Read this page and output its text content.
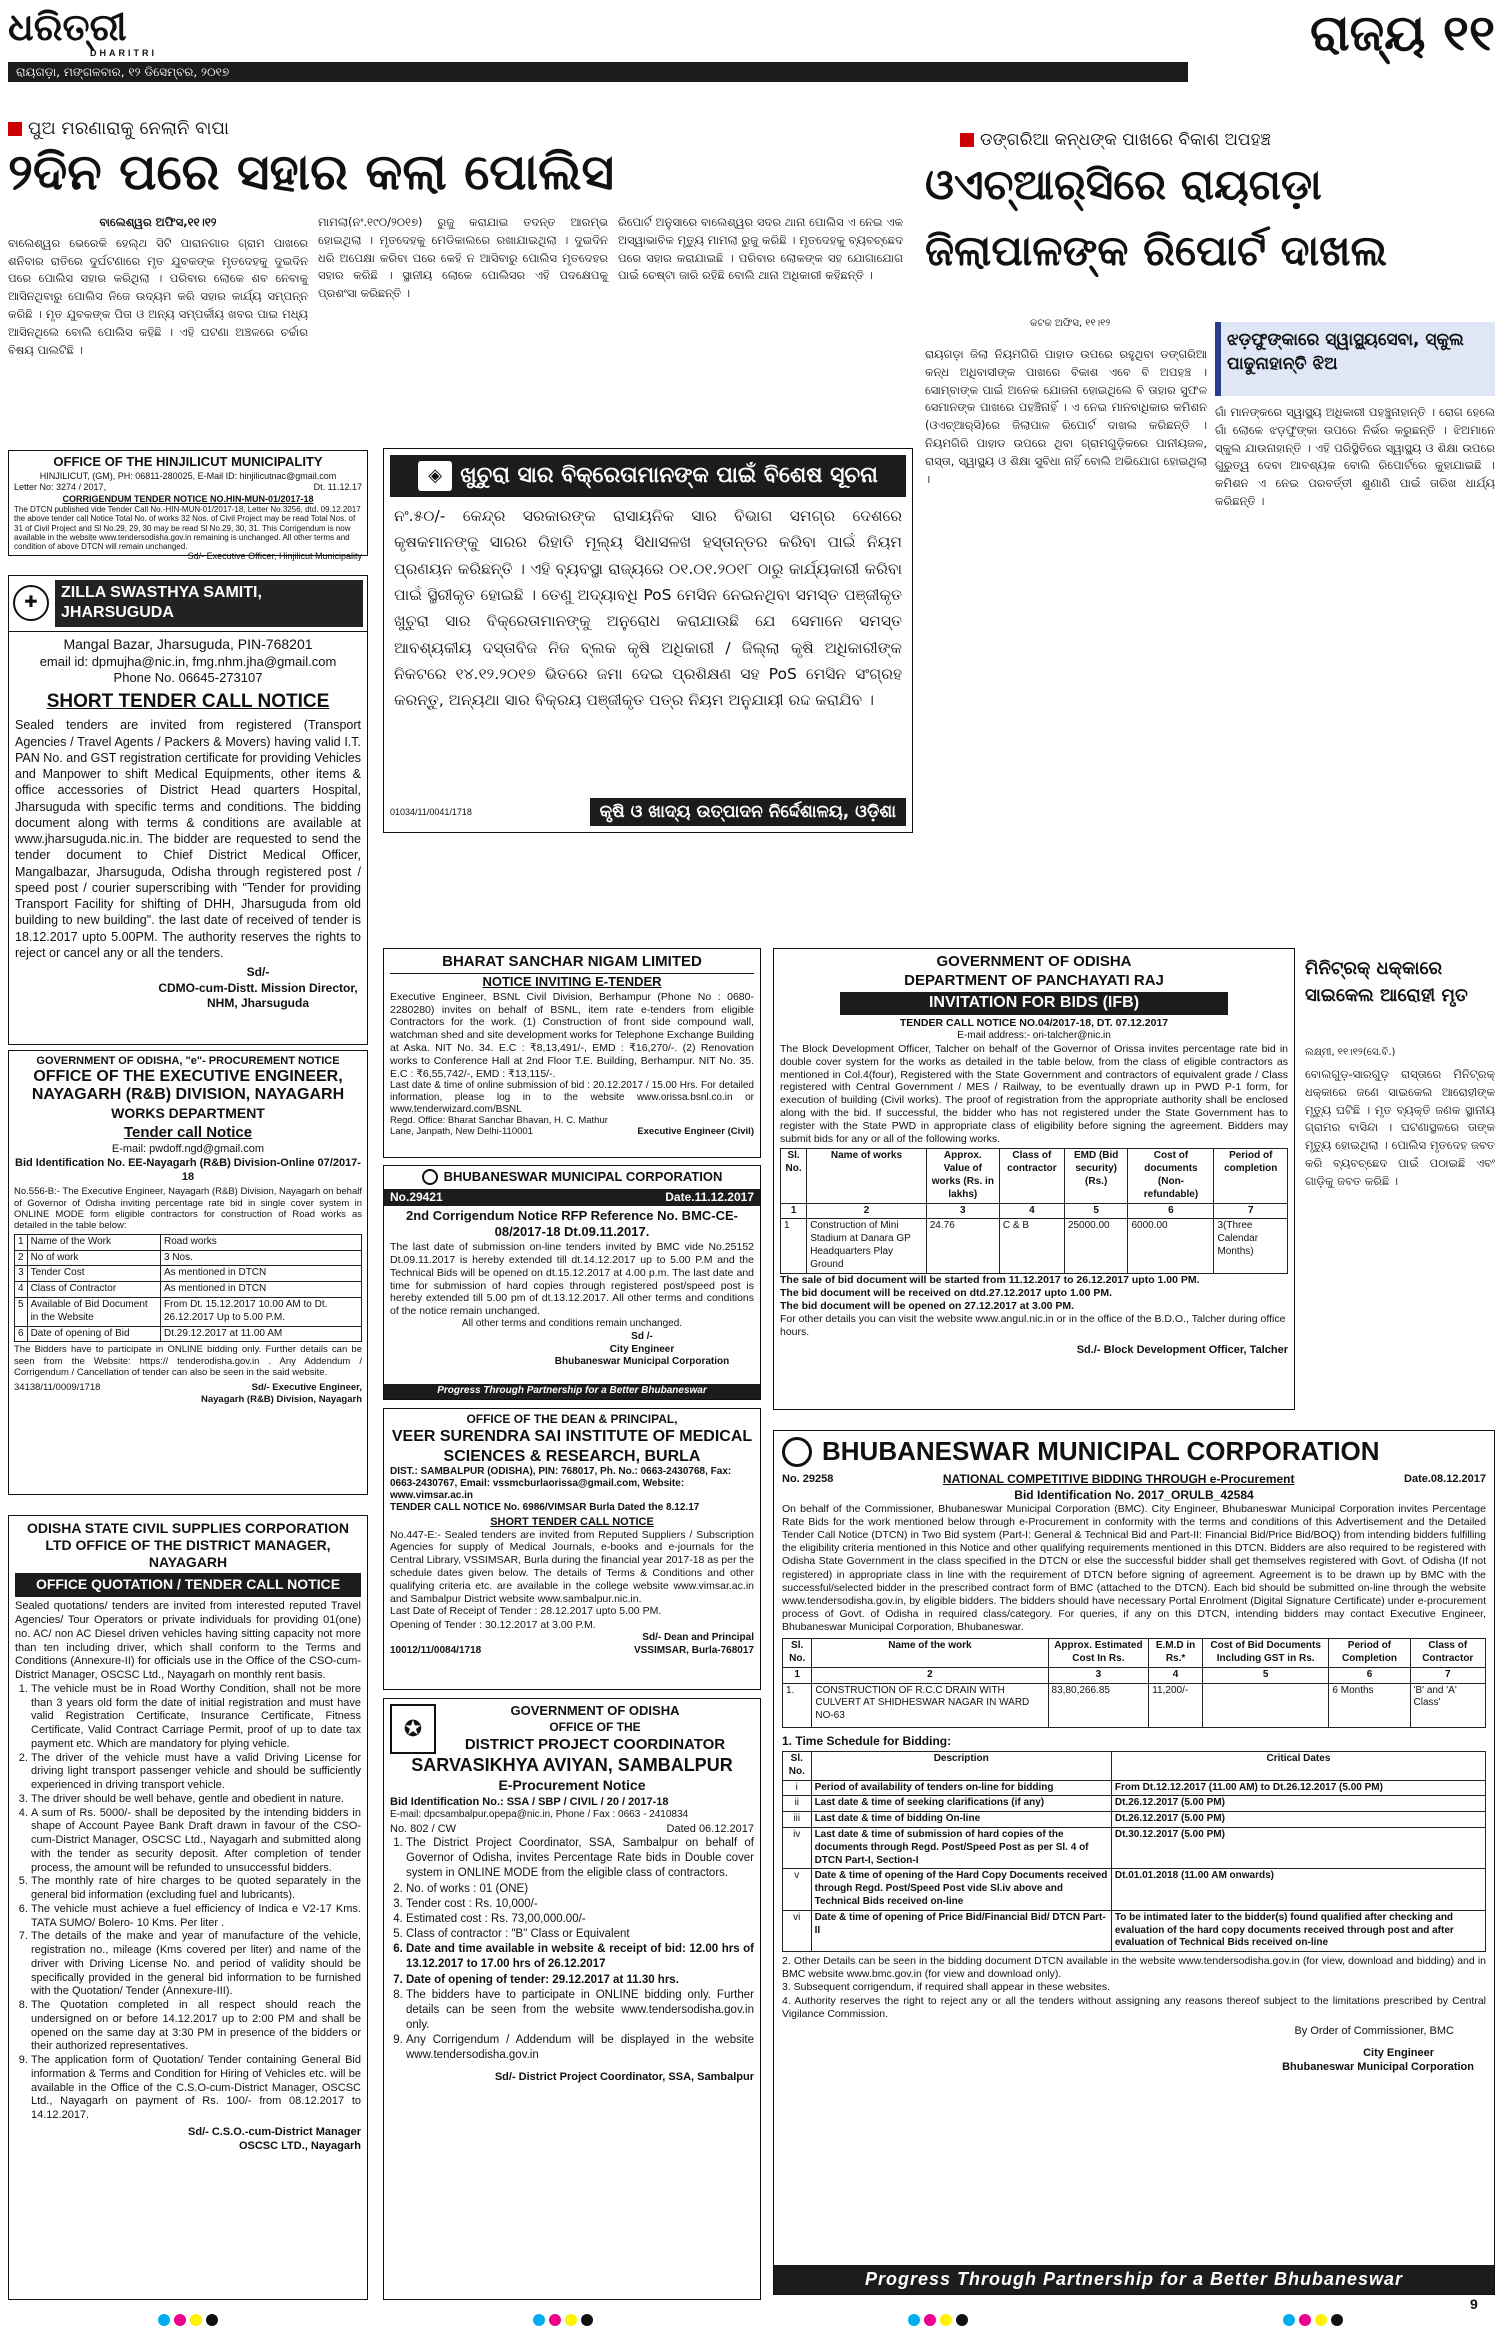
ଧରିତ୍ରୀ
DHARITRI	ରାଜ୍ୟ ୧୧
ରାୟଗଡ଼ା, ମଙ୍ଗଳବାର, ୧୨ ଡିସେମ୍ବର, ୨୦୧୭
ପୁଅ ମରଣାରାକୁ ନେଲାନି ବାପା
୨ଦିନ ପରେ ସହାର କଲା ପୋଲିସ
ବାଲେଶ୍ୱର ଅଫିସ,୧୧।୧୨
ବାଲେଶ୍ୱର ଭେରେକି ହେଲ୍ଥ ସିଟି ପାରାନଗାର ଗ୍ରାମ ପାଖରେ ଶନିବାର ରାତିରେ ଦୁର୍ଘଟଣାରେ ମୃତ ଯୁବକଙ୍କ ମୃତଦେହକୁ ଦୁଇଦିନ ପରେ ପୋଲିସ ସହାର କରିଥିଲା । ପରିବାର ଲୋକେ ଶବ ନେବାକୁ ଆସିନଥିବାରୁ ପୋଲିସ ନିଜେ ଉଦ୍ୟମ କରି ସହାର କାର୍ଯ୍ୟ ସମ୍ପନ୍ନ କରିଛି । ମୃତ ଯୁବକଙ୍କ ପିତା ଓ ଅନ୍ୟ ସମ୍ପର୍କୀୟ ଖବର ପାଇ ମଧ୍ୟ ଆସିନଥିଲେ ବୋଲି ପୋଲିସ କହିଛି । ଏହି ଘଟଣା ଅଞ୍ଚଳରେ ଚର୍ଚ୍ଚାର ବିଷୟ ପାଲଟିଛି ।
ମାମଲା(ନଂ.୧୯୦/୨୦୧୭) ରୁଜୁ କରାଯାଇ ତଦନ୍ତ ଆରମ୍ଭ ହୋଇଥିଲା । ମୃତଦେହକୁ ମେଡିକାଲରେ ରଖାଯାଇଥିଲା । ଦୁଇଦିନ ଧରି ଅପେକ୍ଷା କରିବା ପରେ କେହି ନ ଆସିବାରୁ ପୋଲିସ ମୃତଦେହର ସହାର କରିଛି । ସ୍ଥାନୀୟ ଲୋକେ ପୋଲିସର ଏହି ପଦକ୍ଷେପକୁ ପ୍ରଶଂସା କରିଛନ୍ତି ।
ରିପୋର୍ଟ ଅନୁସାରେ ବାଲେଶ୍ୱର ସଦର ଥାନା ପୋଲିସ ଏ ନେଇ ଏକ ଅସ୍ୱାଭାବିକ ମୃତ୍ୟୁ ମାମଲା ରୁଜୁ କରିଛି । ମୃତଦେହକୁ ବ୍ୟବଚ୍ଛେଦ ପରେ ସହାର କରାଯାଇଛି । ପରିବାର ଲୋକଙ୍କ ସହ ଯୋଗାଯୋଗ ପାଇଁ ଚେଷ୍ଟା ଜାରି ରହିଛି ବୋଲି ଥାନା ଅଧିକାରୀ କହିଛନ୍ତି ।
ଡଙ୍ଗରିଆ କନ୍ଧଙ୍କ ପାଖରେ ବିକାଶ ଅପହଞ୍ଚ
ଓଏଚ୍‌ଆର୍‌ସିରେ ରାୟଗଡ଼ା
ଜିଲାପାଳଙ୍କ ରିପୋର୍ଟ ଦାଖଲ
କଟକ ଅଫିସ, ୧୧।୧୨
ରାୟଗଡ଼ା ଜିଲା ନିୟମଗିରି ପାହାଡ ଉପରେ ରହୁଥିବା ଡଙ୍ଗରିଆ କନ୍ଧ ଅଧିବାସୀଙ୍କ ପାଖରେ ବିକାଶ ଏବେ ବି ଅପହଞ୍ଚ । ସୋମ୍ବାଙ୍କ ପାଇଁ ଅନେକ ଯୋଜନା ହୋଇଥିଲେ ବି ତାହାର ସୁଫଳ ସେମାନଙ୍କ ପାଖରେ ପହଞ୍ଚିନାହିଁ । ଏ ନେଇ ମାନବାଧିକାର କମିଶନ (ଓଏଚ୍‌ଆର୍‌ସି)ରେ ଜିଲାପାଳ ରିପୋର୍ଟ ଦାଖଲ କରିଛନ୍ତି । ନିୟମଗିରି ପାହାଡ ଉପରେ ଥିବା ଗ୍ରାମଗୁଡ଼ିକରେ ପାନୀୟଜଳ, ରାସ୍ତା, ସ୍ୱାସ୍ଥ୍ୟ ଓ ଶିକ୍ଷା ସୁବିଧା ନାହିଁ ବୋଲି ଅଭିଯୋଗ ହୋଇଥିଲା ।
ଝଡ଼ଫୁଙ୍କାରେ ସ୍ୱାସ୍ଥ୍ୟସେବା, ସ୍କୁଲ ପାଢୁନାହାନ୍ତି ଝିଅ
ଗାଁ ମାନଙ୍କରେ ସ୍ୱାସ୍ଥ୍ୟ ଅଧିକାରୀ ପହଞ୍ଚୁନାହାନ୍ତି । ରୋଗ ହେଲେ ଗାଁ ଲୋକେ ଝଡ଼ଫୁଙ୍କା ଉପରେ ନିର୍ଭର କରୁଛନ୍ତି । ଝିଅମାନେ ସ୍କୁଲ ଯାଉନାହାନ୍ତି । ଏହି ପରିସ୍ଥିତିରେ ସ୍ୱାସ୍ଥ୍ୟ ଓ ଶିକ୍ଷା ଉପରେ ଗୁରୁତ୍ୱ ଦେବା ଆବଶ୍ୟକ ବୋଲି ରିପୋର୍ଟରେ କୁହାଯାଇଛି । କମିଶନ ଏ ନେଇ ପରବର୍ତ୍ତୀ ଶୁଣାଣି ପାଇଁ ତାରିଖ ଧାର୍ଯ୍ୟ କରିଛନ୍ତି ।
ମିନିଟ୍ରକ୍ ଧକ୍କାରେ ସାଇକେଲ ଆରୋହୀ ମୃତ
ଲକ୍ଷ୍ମୀ, ୧୧।୧୨(ସେ.ବି.)
ବୋଲଗୁଡ଼-ସାରଗୁଡ଼ ରାସ୍ତାରେ ମିନିଟ୍ରକ୍ ଧକ୍କାରେ ଜଣେ ସାଇକେଲ ଆରୋହୀଙ୍କ ମୃତ୍ୟୁ ଘଟିଛି । ମୃତ ବ୍ୟକ୍ତି ଜଣକ ସ୍ଥାନୀୟ ଗ୍ରାମର ବାସିନ୍ଦା । ଘଟଣାସ୍ଥଳରେ ତାଙ୍କ ମୃତ୍ୟୁ ହୋଇଥିଲା । ପୋଲିସ ମୃତଦେହ ଜବତ କରି ବ୍ୟବଚ୍ଛେଦ ପାଇଁ ପଠାଇଛି ଏବଂ ଗାଡ଼ିକୁ ଜବତ କରିଛି ।
OFFICE OF THE HINJILICUT MUNICIPALITY
HINJILICUT, (GM), PH: 06811-280025, E-Mail ID: hinjilicutnac@gmail.com
Letter No: 3274 / 2017,	Dt. 11.12.17
CORRIGENDUM TENDER NOTICE NO.HIN-MUN-01/2017-18
The DTCN published vide Tender Call No.-HIN-MUN-01/2017-18, Letter No.3256, dtd. 09.12.2017 the above tender call Notice Total No. of works 32 Nos. of Civil Project may be read Total Nos. of 31 of Civil Project and Sl No.29, 29, 30 may be read Sl No.29, 30, 31. This Corrigendum is now available in the website www.tendersodisha.gov.in remaining is unchanged. All other terms and condition of above DTCN will remain unchanged.
Sd/- Executive Officer, Hinjilicut Municipality
✚
ZILLA SWASTHYA SAMITI, JHARSUGUDA
Mangal Bazar, Jharsuguda, PIN-768201
email id: dpmujha@nic.in, fmg.nhm.jha@gmail.com
Phone No. 06645-273107
SHORT TENDER CALL NOTICE
Sealed tenders are invited from registered (Transport Agencies / Travel Agents / Packers & Movers) having valid I.T. PAN No. and GST registration certificate for providing Vehicles and Manpower to shift Medical Equipments, other items & office accessories of District Head quarters Hospital, Jharsuguda with specific terms and conditions. The bidding document along with terms & conditions are available at www.jharsuguda.nic.in. The bidder are requested to send the tender document to Chief District Medical Officer, Mangalbazar, Jharsuguda, Odisha through registered post / speed post / courier superscribing with "Tender for providing Transport Facility for shifting of DHH, Jharsuguda from old building to new building". the last date of received of tender is 18.12.2017 upto 5.00PM. The authority reserves the rights to reject or cancel any or all the tenders.
Sd/-
CDMO-cum-Distt. Mission Director,
NHM, Jharsuguda
GOVERNMENT OF ODISHA, "e"- PROCUREMENT NOTICE
OFFICE OF THE EXECUTIVE ENGINEER, NAYAGARH (R&B) DIVISION, NAYAGARH
WORKS DEPARTMENT
Tender call Notice
E-mail: pwdoff.ngd@gmail.com
Bid Identification No. EE-Nayagarh (R&B) Division-Online 07/2017-18
No.556-B:- The Executive Engineer, Nayagarh (R&B) Division, Nayagarh on behalf of Governor of Odisha inviting percentage rate bid in single cover system in ONLINE MODE form eligible contractors for construction of Road works as detailed in the table below:
1	Name of the Work	Road works
2	No of work	3 Nos.
3	Tender Cost	As mentioned in DTCN
4	Class of Contractor	As mentioned in DTCN
5	Available of Bid Document in the Website	From Dt. 15.12.2017 10.00 AM to Dt. 26.12.2017 Up to 5.00 P.M.
6	Date of opening of Bid	Dt.29.12.2017 at 11.00 AM
The Bidders have to participate in ONLINE bidding only. Further details can be seen from the Website: https:// tenderodisha.gov.in . Any Addendum / Corrigendum / Cancellation of tender can also be seen in the said website.
34138/11/0009/1718	Sd/- Executive Engineer,
Nayagarh (R&B) Division, Nayagarh
ODISHA STATE CIVIL SUPPLIES CORPORATION LTD OFFICE OF THE DISTRICT MANAGER, NAYAGARH
OFFICE QUOTATION / TENDER CALL NOTICE
Sealed quotations/ tenders are invited from interested reputed Travel Agencies/ Tour Operators or private individuals for providing 01(one) no. AC/ non AC Diesel driven vehicles having sitting capacity not more than ten including driver, which shall conform to the Terms and Conditions (Annexure-II) for officials use in the Office of the CSO-cum-District Manager, OSCSC Ltd., Nayagarh on monthly rent basis.
1. The vehicle must be in Road Worthy Condition, shall not be more than 3 years old form the date of initial registration and must have valid Registration Certificate, Insurance Certificate, Fitness Certificate, Valid Contract Carriage Permit, proof of up to date tax payment etc. Which are mandatory for plying vehicle.
2. The driver of the vehicle must have a valid Driving License for driving light transport passenger vehicle and should be sufficiently experienced in driving transport vehicle.
3. The driver should be well behave, gentle and obedient in nature.
4. A sum of Rs. 5000/- shall be deposited by the intending bidders in shape of Account Payee Bank Draft drawn in favour of the CSO-cum-District Manager, OSCSC Ltd., Nayagarh and submitted along with the tender as security deposit. After completion of tender process, the amount will be refunded to unsuccessful bidders.
5. The monthly rate of hire charges to be quoted separately in the general bid information (excluding fuel and lubricants).
6. The vehicle must achieve a fuel efficiency of Indica e V2-17 Kms. TATA SUMO/ Bolero- 10 Kms. Per liter .
7. The details of the make and year of manufacture of the vehicle, registration no., mileage (Kms covered per liter) and name of the driver with Driving License No. and period of validity should be specifically provided in the general bid information to be furnished with the Quotation/ Tender (Annexure-III).
8. The Quotation completed in all respect should reach the undersigned on or before 14.12.2017 up to 2:00 PM and shall be opened on the same day at 3:30 PM in presence of the bidders or their authorized representatives.
9. The application form of Quotation/ Tender containing General Bid information & Terms and Condition for Hiring of Vehicles etc. will be available in the Office of the C.S.O-cum-District Manager, OSCSC Ltd., Nayagarh on payment of Rs. 100/- from 08.12.2017 to 14.12.2017.
Sd/- C.S.O.-cum-District Manager
OSCSC LTD., Nayagarh
◈ ଖୁଚୁରା ସାର ବିକ୍ରେତାମାନଙ୍କ ପାଇଁ ବିଶେଷ ସୂଚନା
ନଂ.୫୦/- କେନ୍ଦ୍ର ସରକାରଙ୍କ ରାସାୟନିକ ସାର ବିଭାଗ ସମଗ୍ର ଦେଶରେ କୃଷକମାନଙ୍କୁ ସାରର ରିହାତି ମୂଲ୍ୟ ସିଧାସଳଖ ହସ୍ତାନ୍ତର କରିବା ପାଇଁ ନିୟମ ପ୍ରଣୟନ କରିଛନ୍ତି । ଏହି ବ୍ୟବସ୍ଥା ରାଜ୍ୟରେ ୦୧.୦୧.୨୦୧୮ ଠାରୁ କାର୍ଯ୍ୟକାରୀ କରିବା ପାଇଁ ସ୍ଥିରୀକୃତ ହୋଇଛି । ତେଣୁ ଅଦ୍ୟାବଧି PoS ମେସିନ ନେଇନଥିବା ସମସ୍ତ ପଞ୍ଜୀକୃତ ଖୁଚୁରା ସାର ବିକ୍ରେତାମାନଙ୍କୁ ଅନୁରୋଧ କରାଯାଉଛି ଯେ ସେମାନେ ସମସ୍ତ ଆବଶ୍ୟକୀୟ ଦସ୍ତାବିଜ ନିଜ ବ୍ଲକ କୃଷି ଅଧିକାରୀ / ଜିଲ୍ଲା କୃଷି ଅଧିକାରୀଙ୍କ ନିକଟରେ ୧୪.୧୨.୨୦୧୭ ଭିତରେ ଜମା ଦେଇ ପ୍ରଶିକ୍ଷଣ ସହ PoS ମେସିନ ସଂଗ୍ରହ କରନ୍ତୁ, ଅନ୍ୟଥା ସାର ବିକ୍ରୟ ପଞ୍ଜୀକୃତ ପତ୍ର ନିୟମ ଅନୁଯାୟୀ ରଦ୍ଦ କରାଯିବ ।
01034/11/0041/1718	କୃଷି ଓ ଖାଦ୍ୟ ଉତ୍ପାଦନ ନିର୍ଦ୍ଦେଶାଳୟ, ଓଡ଼ିଶା
BHARAT SANCHAR NIGAM LIMITED
NOTICE INVITING E-TENDER
Executive Engineer, BSNL Civil Division, Berhampur (Phone No : 0680-2280280) invites on behalf of BSNL, item rate e-tenders from eligible Contractors for the work. (1) Construction of front side compound wall, watchman shed and site development works for Telephone Exchange Building at Aska. NIT No. 34. E.C : ₹8,13,491/-, EMD : ₹16,270/-. (2) Renovation works to Conference Hall at 2nd Floor T.E. Building, Berhampur. NIT No. 35. E.C : ₹6,55,742/-, EMD : ₹13,115/-.
Last date & time of online submission of bid : 20.12.2017 / 15.00 Hrs. For detailed information, please log in to the website www.orissa.bsnl.co.in or www.tenderwizard.com/BSNL
Regd. Office: Bharat Sanchar Bhavan, H. C. Mathur Lane, Janpath, New Delhi-110001	Executive Engineer (Civil)
BHUBANESWAR MUNICIPAL CORPORATION
No.29421	Date.11.12.2017
2nd Corrigendum Notice RFP Reference No. BMC-CE-08/2017-18 Dt.09.11.2017.
The last date of submission on-line tenders invited by BMC vide No.25152 Dt.09.11.2017 is hereby extended till dt.14.12.2017 up to 5.00 P.M and the Technical Bids will be opened on dt.15.12.2017 at 4.00 p.m. The last date and time for submission of hard copies through registered post/speed post is hereby extended till 5.00 pm of dt.13.12.2017. All other terms and conditions of the notice remain unchanged.
All other terms and conditions remain unchanged.
Sd /-
City Engineer
Bhubaneswar Municipal Corporation
Progress Through Partnership for a Better Bhubaneswar
OFFICE OF THE DEAN & PRINCIPAL,
VEER SURENDRA SAI INSTITUTE OF MEDICAL SCIENCES & RESEARCH, BURLA
DIST.: SAMBALPUR (ODISHA), PIN: 768017, Ph. No.: 0663-2430768, Fax: 0663-2430767, Email: vssmcburlaorissa@gmail.com, Website: www.vimsar.ac.in
TENDER CALL NOTICE No. 6986/VIMSAR Burla Dated the 8.12.17
SHORT TENDER CALL NOTICE
No.447-E:- Sealed tenders are invited from Reputed Suppliers / Subscription Agencies for supply of Medical Journals, e-books and e-journals for the Central Library, VSSIMSAR, Burla during the financial year 2017-18 as per the schedule dates given below. The details of Terms & Conditions and other qualifying criteria etc. are available in the college website www.vimsar.ac.in and Sambalpur District website www.sambalpur.nic.in.
Last Date of Receipt of Tender : 28.12.2017 upto 5.00 PM.
Opening of Tender : 30.12.2017 at 3.00 P.M.
Sd/- Dean and Principal
10012/11/0084/1718	VSSIMSAR, Burla-768017
✪
GOVERNMENT OF ODISHA
OFFICE OF THE
DISTRICT PROJECT COORDINATOR
SARVASIKHYA AVIYAN, SAMBALPUR
E-Procurement Notice
Bid Identification No.: SSA / SBP / CIVIL / 20 / 2017-18
E-mail: dpcsambalpur.opepa@nic.in, Phone / Fax : 0663 - 2410834
No. 802 / CW	Dated 06.12.2017
1. The District Project Coordinator, SSA, Sambalpur on behalf of Governor of Odisha, invites Percentage Rate bids in Double cover system in ONLINE MODE from the eligible class of contractors.
2. No. of works : 01 (ONE)
3. Tender cost : Rs. 10,000/-
4. Estimated cost : Rs. 73,00,000.00/-
5. Class of contractor : "B" Class or Equivalent
6. Date and time available in website & receipt of bid: 12.00 hrs of 13.12.2017 to 17.00 hrs of 26.12.2017
7. Date of opening of tender: 29.12.2017 at 11.30 hrs.
8. The bidders have to participate in ONLINE bidding only. Further details can be seen from the website www.tendersodisha.gov.in only.
9. Any Corrigendum / Addendum will be displayed in the website www.tendersodisha.gov.in
Sd/- District Project Coordinator, SSA, Sambalpur
GOVERNMENT OF ODISHA
DEPARTMENT OF PANCHAYATI RAJ
INVITATION FOR BIDS (IFB)
TENDER CALL NOTICE NO.04/2017-18, DT. 07.12.2017
E-mail address:- ori-talcher@nic.in
The Block Development Officer, Talcher on behalf of the Governor of Orissa invites percentage rate bid in double cover system for the works as detailed in the table below, from the class of eligible contractors as mentioned in Col.4(four), Registered with the State Government and contractors of equivalent grade / Class registered with Central Government / MES / Railway, to be eventually drawn up in PWD P-1 form, for execution of building (Civil works). The proof of registration from the appropriate authority shall be enclosed along with the bid. If successful, the bidder who has not registered under the State Government has to register with the State PWD in appropriate class of eligibility before signing the agreement. Bidders may submit bids for any or all of the following works.
Sl. No.	Name of works	Approx. Value of works (Rs. in lakhs)	Class of contractor	EMD (Bid security) (Rs.)	Cost of documents (Non-refundable)	Period of completion
1	2	3	4	5	6	7
1	Construction of Mini Stadium at Danara GP Headquarters Play Ground	24.76	C & B	25000.00	6000.00	3(Three Calendar Months)
The sale of bid document will be started from 11.12.2017 to 26.12.2017 upto 1.00 PM.
The bid document will be received on dtd.27.12.2017 upto 1.00 PM.
The bid document will be opened on 27.12.2017 at 3.00 PM.
For other details you can visit the website www.angul.nic.in or in the office of the B.D.O., Talcher during office hours.
Sd./- Block Development Officer, Talcher
BHUBANESWAR MUNICIPAL CORPORATION
No. 29258	NATIONAL COMPETITIVE BIDDING THROUGH e-Procurement	Date.08.12.2017
Bid Identification No. 2017_ORULB_42584
On behalf of the Commissioner, Bhubaneswar Municipal Corporation (BMC). City Engineer, Bhubaneswar Municipal Corporation invites Percentage Rate Bids for the work mentioned below through e-Procurement in conformity with the terms and conditions of this Advertisement and the Detailed Tender Call Notice (DTCN) in Two Bid system (Part-I: General & Technical Bid and Part-II: Financial Bid/Price Bid/BOQ) from intending bidders fulfilling the eligibility criteria mentioned in this Notice and other qualifying requirements mentioned in this DTCN. Bidders are also required to be registered with Odisha State Government in the class specified in the DTCN or else the successful bidder shall get themselves registered with Govt. of Odisha (If not registered) in appropriate class in line with the requirement of DTCN before signing of agreement. Agreement is to be drawn up by BMC with the successful/selected bidder in the prescribed contract form of BMC (attached to the DTCN). Each bid should be submitted on-line through the website www.tendersodisha.gov.in, by eligible bidders. The bidders should have necessary Portal Enrolment (Digital Signature Certificate) under e-procurement process of Govt. of Odisha in required class/category. For queries, if any on this DTCN, intending bidders may contact Executive Engineer, Bhubaneswar Municipal Corporation, Bhubaneswar.
Sl. No.	Name of the work	Approx. Estimated Cost In Rs.	E.M.D in Rs.*	Cost of Bid Documents Including GST in Rs.	Period of Completion	Class of Contractor
1	2	3	4	5	6	7
1.	CONSTRUCTION OF R.C.C DRAIN WITH CULVERT AT SHIDHESWAR NAGAR IN WARD NO-63	83,80,266.85	11,200/-		6 Months	'B' and 'A' Class'
1. Time Schedule for Bidding:
Sl. No.	Description	Critical Dates
i	Period of availability of tenders on-line for bidding	From Dt.12.12.2017 (11.00 AM) to Dt.26.12.2017 (5.00 PM)
ii	Last date & time of seeking clarifications (if any)	Dt.26.12.2017 (5.00 PM)
iii	Last date & time of bidding On-line	Dt.26.12.2017 (5.00 PM)
iv	Last date & time of submission of hard copies of the documents through Regd. Post/Speed Post as per Sl. 4 of DTCN Part-I, Section-I	Dt.30.12.2017 (5.00 PM)
v	Date & time of opening of the Hard Copy Documents received through Regd. Post/Speed Post vide Sl.iv above and Technical Bids received on-line	Dt.01.01.2018 (11.00 AM onwards)
vi	Date & time of opening of Price Bid/Financial Bid/ DTCN Part-II	To be intimated later to the bidder(s) found qualified after checking and evaluation of the hard copy documents received through post and after evaluation of Technical Bids received on-line
2. Other Details can be seen in the bidding document DTCN available in the website www.tendersodisha.gov.in (for view, download and bidding) and in BMC website www.bmc.gov.in (for view and download only).
3. Subsequent corrigendum, if required shall appear in these websites.
4. Authority reserves the right to reject any or all the tenders without assigning any reasons thereof subject to the limitations prescribed by Central Vigilance Commission.
By Order of Commissioner, BMC
City Engineer
Bhubaneswar Municipal Corporation
Progress Through Partnership for a Better Bhubaneswar
9
